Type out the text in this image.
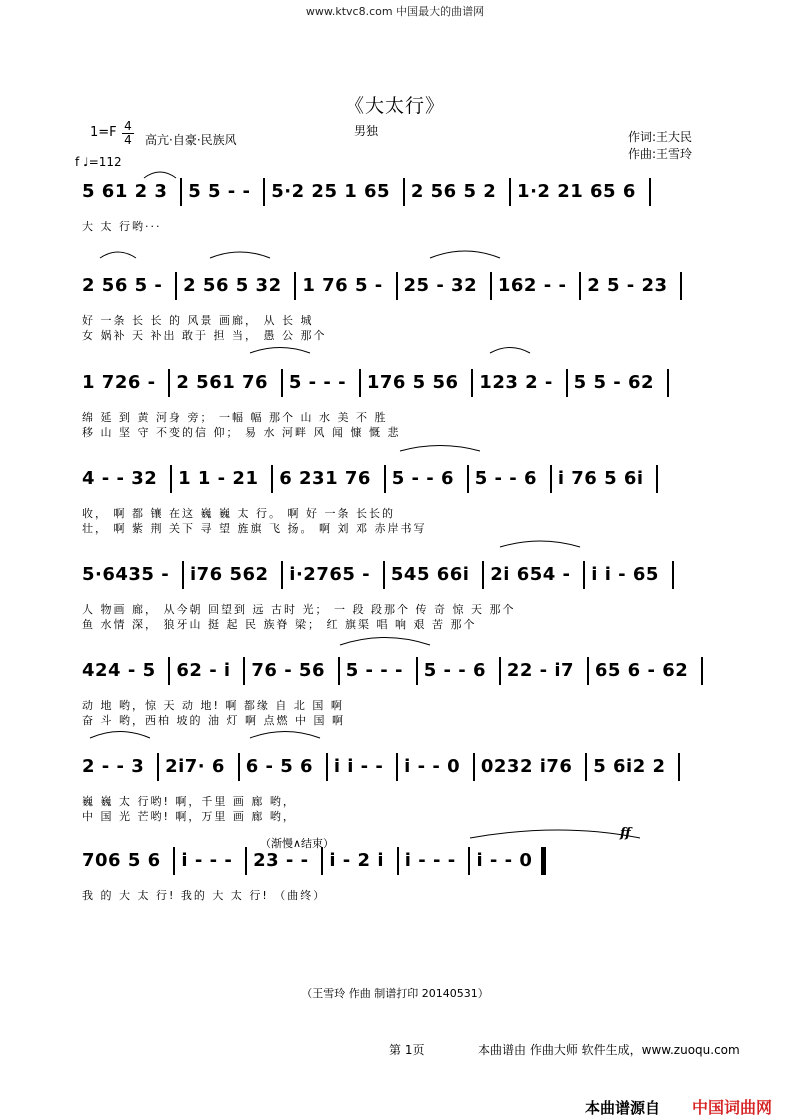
www.ktvc8.com 中国最大的曲谱网
《大太行》
男独
1=F 4
4 高亢·自豪·民族风	作词:王大民
作曲:王雪玲
f ♩=112
5 61 2 3 5 5 - - 5·2 25 1 65 2 56 5 2 1·2 21 65 6
大 太 行哟···
2 56 5 - 2 56 5 32 1 76 5 - 25 - 32 162 - - 2 5 - 23
好 一条 长 长 的 风景 画廊， 从 长 城
女 娲补 天 补出 敢于 担 当， 愚 公 那个
1 726 - 2 561 76 5 - - - 176 5 56 123 2 - 5 5 - 62
绵 延 到 黄 河身 旁； 一幅 幅 那个 山 水 美 不 胜
移 山 坚 守 不变的信 仰； 易 水 河畔 风 闻 慷 慨 悲
4 - - 32 1 1 - 21 6 231 76 5 - - 6 5 - - 6 i 76 5 6i
收， 啊 都 镶 在这 巍 巍 太 行。 啊 好 一条 长长的
壮， 啊 紫 荆 关下 寻 望 旌旗 飞 扬。 啊 刘 邓 赤岸书写
5·6435 - i76 562 i·2765 - 545 66i 2i 654 - i i - 65
人 物画 廊， 从今朝 回望到 远 古时 光； 一 段 段那个 传 奇 惊 天 那个
鱼 水情 深， 狼牙山 挺 起 民 族脊 梁； 红 旗渠 唱 响 艰 苦 那个
424 - 5 62 - i 76 - 56 5 - - - 5 - - 6 22 - i7 65 6 - 62
动 地 哟，惊 天 动 地! 啊 都缘 自 北 国 啊
奋 斗 哟，西柏 坡的 油 灯 啊 点燃 中 国 啊
2 - - 3 2i7· 6 6 - 5 6 i i - - i - - 0 0232 i76 5 6i2 2
巍 巍 太 行哟! 啊，千里 画 廊 哟，
中 国 光 芒哟! 啊，万里 画 廊 哟，
706 5 6 i - - - 23 - - i - 2 i i - - - i - - 0
我 的 大 太 行! 我的 大 太 行! （曲终）
（渐慢∧结束）
ff
（王雪玲 作曲 制谱打印 20140531）
第 1页	本曲谱由 作曲大师 软件生成，www.zuoqu.com
本曲谱源自 中国词曲网
